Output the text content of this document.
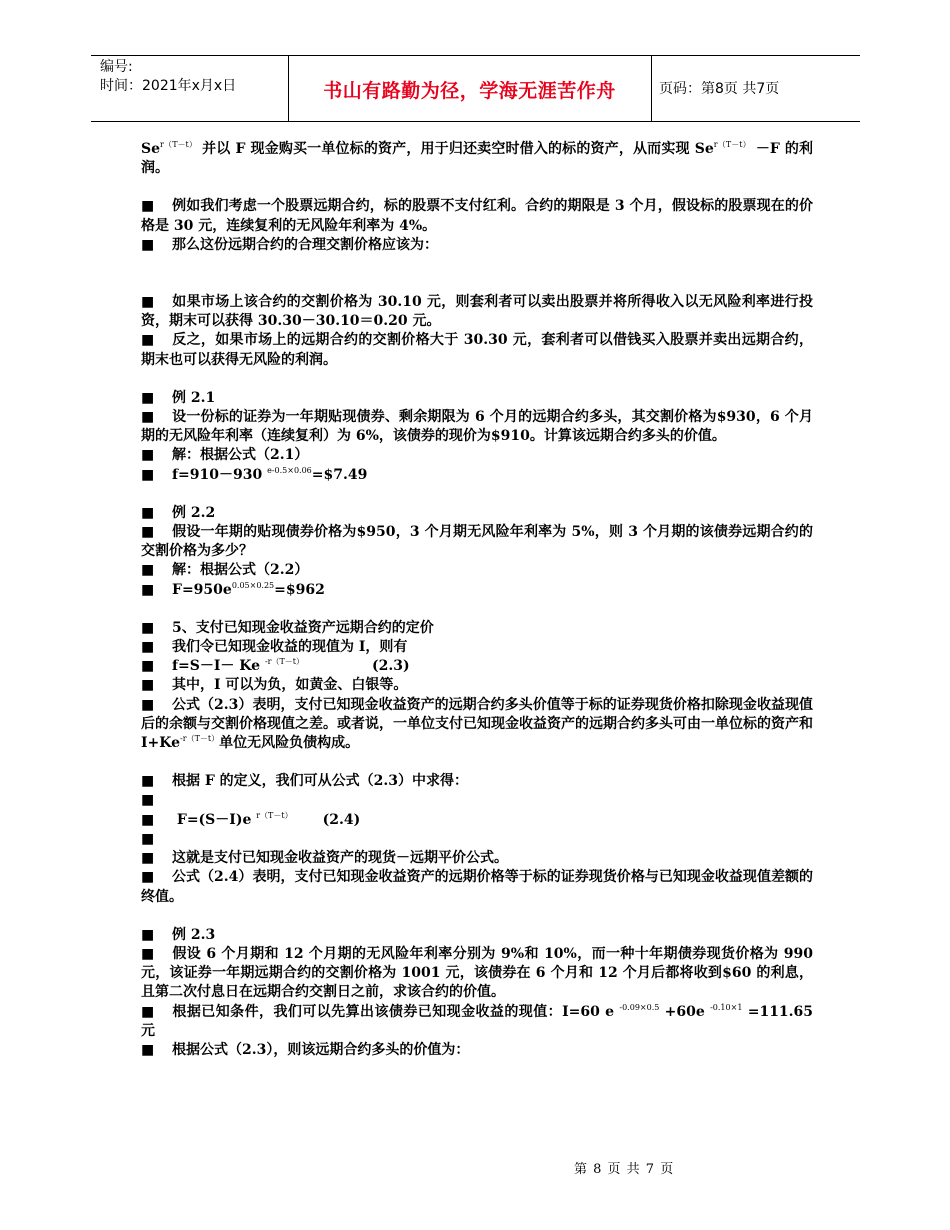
编号:
时间：2021年x月x日	书山有路勤为径，学海无涯苦作舟	页码：第8页 共7页

$Se^{r(T-t)}$ 并以 F 现金购买一单位标的资产，用于归还卖空时借入的标的资产，从而实现 $Se^{r(T-t)} -F$ 的利润。

■ 例如我们考虑一个股票远期合约，标的股票不支付红利。合约的期限是 3 个月，假设标的股票现在的价格是 30 元，连续复利的无风险年利率为 4%。

■ 那么这份远期合约的合理交割价格应该为：

■ 如果市场上该合约的交割价格为 30.10 元，则套利者可以卖出股票并将所得收入以无风险利率进行投资，期末可以获得 30.30－30.10＝0.20 元。

■ 反之，如果市场上的远期合约的交割价格大于 30.30 元，套利者可以借钱买入股票并卖出远期合约，期末也可以获得无风险的利润。

■ 例 2.1

■ 设一份标的证券为一年期贴现债券、剩余期限为 6 个月的远期合约多头，其交割价格为$930，6 个月期的无风险年利率（连续复利）为 6%，该债券的现价为$910。计算该远期合约多头的价值。

■ 解：根据公式（2.1）

■ f=910－930 $^{e-0.5\times 0.06}$=$7.49

■ 例 2.2

■ 假设一年期的贴现债券价格为$950，3 个月期无风险年利率为 5%，则 3 个月期的该债券远期合约的交割价格为多少？

■ 解：根据公式（2.2）

■ $F=950e^{0.05\times 0.25}=\$962$

■ 5、支付已知现金收益资产远期合约的定价

■ 我们令已知现金收益的现值为 I，则有

■ f=S－I－ Ke $^{-r(T-t)}$	(2.3)

■ 其中，I 可以为负，如黄金、白银等。

■ 公式（2.3）表明，支付已知现金收益资产的远期合约多头价值等于标的证券现货价格扣除现金收益现值后的余额与交割价格现值之差。或者说，一单位支付已知现金收益资产的远期合约多头可由一单位标的资产和 $I+Ke^{-r(T-t)}$单位无风险负债构成。

■ 根据 F 的定义，我们可从公式（2.3）中求得：

■

■ F=(S－I)e $^{r(T-t)}$ (2.4)

■

■ 这就是支付已知现金收益资产的现货－远期平价公式。

■ 公式（2.4）表明，支付已知现金收益资产的远期价格等于标的证券现货价格与已知现金收益现值差额的终值。

■ 例 2.3

■ 假设 6 个月期和 12 个月期的无风险年利率分别为 9%和 10%，而一种十年期债券现货价格为 990 元，该证券一年期远期合约的交割价格为 1001 元，该债券在 6 个月和 12 个月后都将收到$60 的利息，且第二次付息日在远期合约交割日之前，求该合约的价值。

■ 根据已知条件，我们可以先算出该债券已知现金收益的现值：I=60 e $^{-0.09\times 0.5}$ +60e $^{-0.10\times 1}$ =111.65 元

■ 根据公式（2.3），则该远期合约多头的价值为：

第 8 页 共 7 页
